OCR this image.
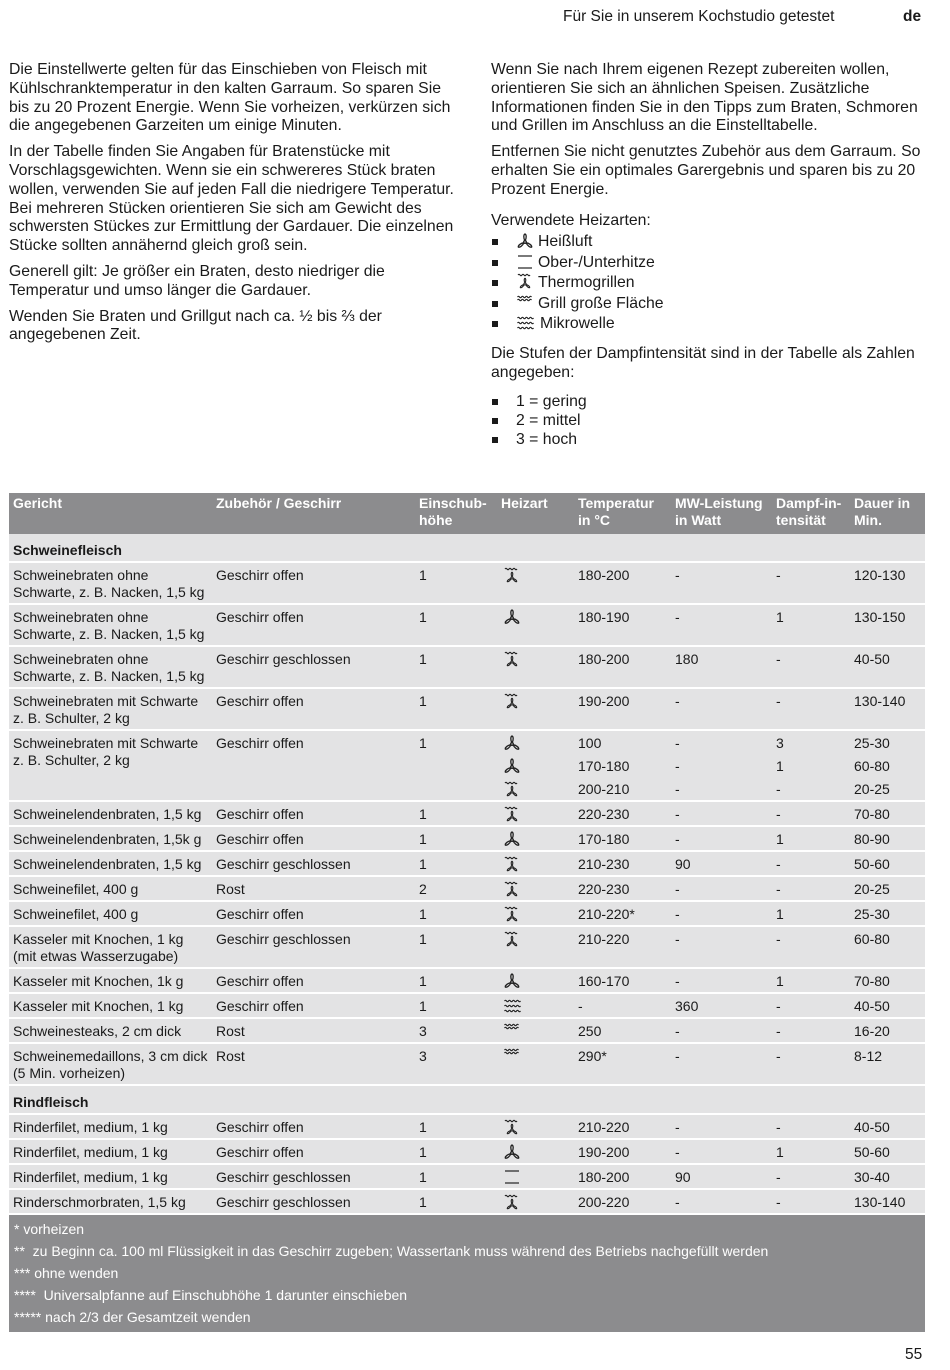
Für Sie in unserem Kochstudio getestet	de

Die Einstellwerte gelten für das Einschieben von Fleisch mit Kühlschranktemperatur in den kalten Garraum. So sparen Sie bis zu 20 Prozent Energie. Wenn Sie vorheizen, verkürzen sich die angegebenen Garzeiten um einige Minuten.

In der Tabelle finden Sie Angaben für Bratenstücke mit Vorschlagsgewichten. Wenn sie ein schwereres Stück braten wollen, verwenden Sie auf jeden Fall die niedrigere Temperatur. Bei mehreren Stücken orientieren Sie sich am Gewicht des schwersten Stückes zur Ermittlung der Gardauer. Die einzelnen Stücke sollten annähernd gleich groß sein.

Generell gilt: Je größer ein Braten, desto niedriger die Temperatur und umso länger die Gardauer.

Wenden Sie Braten und Grillgut nach ca. ½ bis ⅔ der angegebenen Zeit.

Wenn Sie nach Ihrem eigenen Rezept zubereiten wollen, orientieren Sie sich an ähnlichen Speisen. Zusätzliche Informationen finden Sie in den Tipps zum Braten, Schmoren und Grillen im Anschluss an die Einstelltabelle.

Entfernen Sie nicht genutztes Zubehör aus dem Garraum. So erhalten Sie ein optimales Garergebnis und sparen bis zu 20 Prozent Energie.

Verwendete Heizarten:

Heißluft
Ober-/Unterhitze
Thermogrillen
Grill große Fläche
Mikrowelle

Die Stufen der Dampfintensität sind in der Tabelle als Zahlen angegeben:

1 = gering
2 = mittel
3 = hoch
Gericht	Zubehör / Geschirr	Einschub-höhe	Heizart	Temperatur in °C	MW-Leistung in Watt	Dampf-in-tensität	Dauer in Min.
Schweinefleisch							
Schweinebraten ohne Schwarte, z. B. Nacken, 1,5 kg	Geschirr offen	1		180-200	-	-	120-130
Schweinebraten ohne Schwarte, z. B. Nacken, 1,5 kg	Geschirr offen	1		180-190	-	1	130-150
Schweinebraten ohne Schwarte, z. B. Nacken, 1,5 kg	Geschirr geschlossen	1		180-200	180	-	40-50
Schweinebraten mit Schwarte z. B. Schulter, 2 kg	Geschirr offen	1		190-200	-	-	130-140
Schweinebraten mit Schwarte z. B. Schulter, 2 kg	Geschirr offen	1		100	-	3	25-30

	170-180	-	1	60-80

	200-210	-	-	20-25
Schweinelendenbraten, 1,5 kg	Geschirr offen	1		220-230	-	-	70-80
Schweinelendenbraten, 1,5k g	Geschirr offen	1		170-180	-	1	80-90
Schweinelendenbraten, 1,5 kg	Geschirr geschlossen	1		210-230	90	-	50-60
Schweinefilet, 400 g	Rost	2		220-230	-	-	20-25
Schweinefilet, 400 g	Geschirr offen	1		210-220*	-	1	25-30
Kasseler mit Knochen, 1 kg (mit etwas Wasserzugabe)	Geschirr geschlossen	1		210-220	-	-	60-80
Kasseler mit Knochen, 1k g	Geschirr offen	1		160-170	-	1	70-80
Kasseler mit Knochen, 1 kg	Geschirr offen	1		-	360	-	40-50
Schweinesteaks, 2 cm dick	Rost	3		250	-	-	16-20
Schweinemedaillons, 3 cm dick (5 Min. vorheizen)	Rost	3		290*	-	-	8-12
Rindfleisch							
Rinderfilet, medium, 1 kg	Geschirr offen	1		210-220	-	-	40-50
Rinderfilet, medium, 1 kg	Geschirr offen	1		190-200	-	1	50-60
Rinderfilet, medium, 1 kg	Geschirr geschlossen	1		180-200	90	-	30-40
Rinderschmorbraten, 1,5 kg	Geschirr geschlossen	1		200-220	-	-	130-140
* vorheizen
**  zu Beginn ca. 100 ml Flüssigkeit in das Geschirr zugeben; Wassertank muss während des Betriebs nachgefüllt werden
*** ohne wenden
****  Universalpfanne auf Einschubhöhe 1 darunter einschieben
***** nach 2/3 der Gesamtzeit wenden
55
